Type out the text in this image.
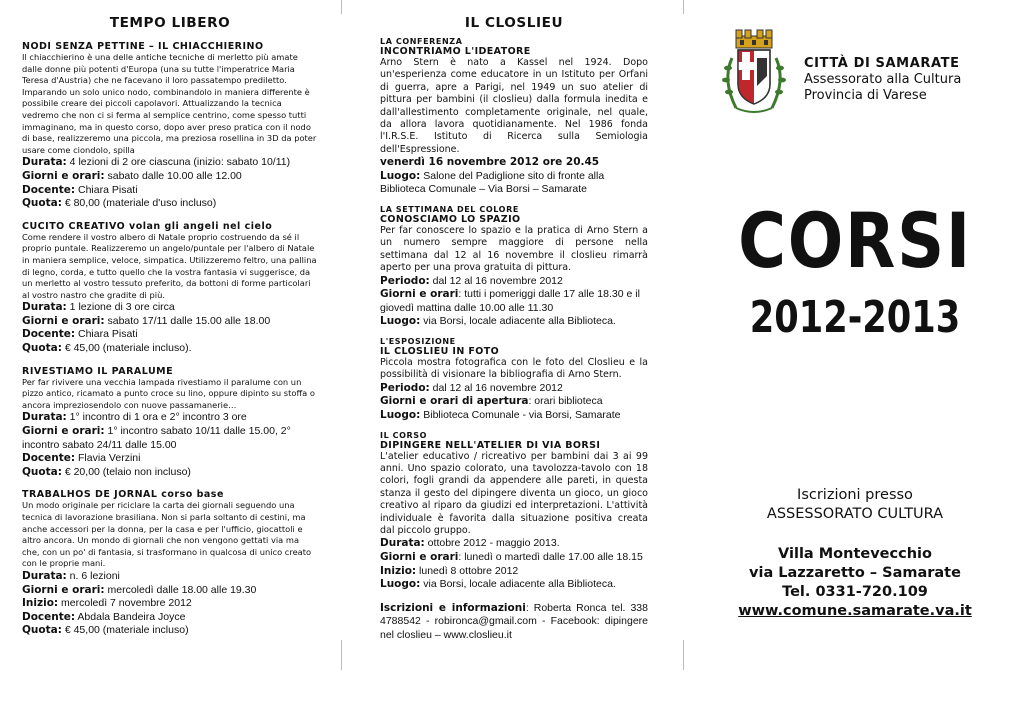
TEMPO LIBERO
NODI SENZA PETTINE – IL CHIACCHIERINO
Il chiacchierino è una delle antiche tecniche di merletto più amate dalle donne più potenti d'Europa (una su tutte l'imperatrice Maria Teresa d'Austria) che ne facevano il loro passatempo prediletto. Imparando un solo unico nodo, combinandolo in maniera differente è possibile creare dei piccoli capolavori. Attualizzando la tecnica vedremo che non ci si ferma al semplice centrino, come spesso tutti immaginano, ma in questo corso, dopo aver preso pratica con il nodo di base, realizzeremo una piccola, ma preziosa rosellina in 3D da poter usare come ciondolo, spilla
Durata: 4 lezioni di 2 ore ciascuna (inizio: sabato 10/11)
Giorni e orari: sabato dalle 10.00 alle 12.00
Docente: Chiara Pisati
Quota: € 80,00 (materiale d'uso incluso)
CUCITO CREATIVO volan gli angeli nel cielo
Come rendere il vostro albero di Natale proprio costruendo da sé il proprio puntale. Realizzeremo un angelo/puntale per l'albero di Natale in maniera semplice, veloce, simpatica. Utilizzeremo feltro, una pallina di legno, corda, e tutto quello che la vostra fantasia vi suggerisce, da un merletto al vostro tessuto preferito, da bottoni di forme particolari al vostro nastro che gradite di più.
Durata: 1 lezione di 3 ore circa
Giorni e orari: sabato 17/11 dalle 15.00 alle 18.00
Docente: Chiara Pisati
Quota: € 45,00 (materiale incluso).
RIVESTIAMO IL PARALUME
Per far rivivere una vecchia lampada rivestiamo il paralume con un pizzo antico, ricamato a punto croce su lino, oppure dipinto su stoffa o ancora impreziosendolo con nuove passamanerie…
Durata: 1° incontro di 1 ora e 2° incontro 3 ore
Giorni e orari: 1° incontro sabato 10/11 dalle 15.00, 2° incontro sabato 24/11 dalle 15.00
Docente: Flavia Verzini
Quota: € 20,00 (telaio non incluso)
TRABALHOS DE JORNAL corso base
Un modo originale per riciclare la carta dei giornali seguendo una tecnica di lavorazione brasiliana. Non si parla soltanto di cestini, ma anche accessori per la donna, per la casa e per l'ufficio, giocattoli e altro ancora. Un mondo di giornali che non vengono gettati via ma che, con un po' di fantasia, si trasformano in qualcosa di unico creato con le proprie mani.
Durata: n. 6 lezioni
Giorni e orari: mercoledì dalle 18.00 alle 19.30
Inizio: mercoledì 7 novembre 2012
Docente: Abdala Bandeira Joyce
Quota: € 45,00 (materiale incluso)
IL CLOSLIEU
LA CONFERENZA
INCONTRIAMO L'IDEATORE
Arno Stern è nato a Kassel nel 1924. Dopo un'esperienza come educatore in un Istituto per Orfani di guerra, apre a Parigi, nel 1949 un suo atelier di pittura per bambini (il closlieu) dalla formula inedita e dall'allestimento completamente originale, nel quale, da allora lavora quotidianamente. Nel 1986 fonda l'I.R.S.E. Istituto di Ricerca sulla Semiologia dell'Espressione.
venerdì 16 novembre 2012 ore 20.45
Luogo: Salone del Padiglione sito di fronte alla Biblioteca Comunale – Via Borsi – Samarate
LA SETTIMANA DEL COLORE
CONOSCIAMO LO SPAZIO
Per far conoscere lo spazio e la pratica di Arno Stern a un numero sempre maggiore di persone nella settimana dal 12 al 16 novembre il closlieu rimarrà aperto per una prova gratuita di pittura.
Periodo: dal 12 al 16 novembre 2012
Giorni e orari: tutti i pomeriggi dalle 17 alle 18.30 e il giovedì mattina dalle 10.00 alle 11.30
Luogo: via Borsi, locale adiacente alla Biblioteca.
L'ESPOSIZIONE
IL CLOSLIEU IN FOTO
Piccola mostra fotografica con le foto del Closlieu e la possibilità di visionare la bibliografia di Arno Stern.
Periodo: dal 12 al 16 novembre 2012
Giorni e orari di apertura: orari biblioteca
Luogo: Biblioteca Comunale - via Borsi, Samarate
IL CORSO
DIPINGERE NELL'ATELIER DI VIA BORSI
L'atelier educativo / ricreativo per bambini dai 3 ai 99 anni. Uno spazio colorato, una tavolozza-tavolo con 18 colori, fogli grandi da appendere alle pareti, in questa stanza il gesto del dipingere diventa un gioco, un gioco creativo al riparo da giudizi ed interpretazioni. L'attività individuale è favorita dalla situazione positiva creata dal piccolo gruppo.
Durata: ottobre 2012 - maggio 2013.
Giorni e orari: lunedì o martedì dalle 17.00 alle 18.15 Inizio: lunedì 8 ottobre 2012
Luogo: via Borsi, locale adiacente alla Biblioteca.
Iscrizioni e informazioni: Roberta Ronca tel. 338 4788542 - robironca@gmail.com - Facebook: dipingere nel closlieu – www.closlieu.it
CITTÀ DI SAMARATE
Assessorato alla Cultura
Provincia di Varese
CORSI
2012-2013
Iscrizioni presso
ASSESSORATO CULTURA
Villa Montevecchio
via Lazzaretto – Samarate
Tel. 0331-720.109
www.comune.samarate.va.it
